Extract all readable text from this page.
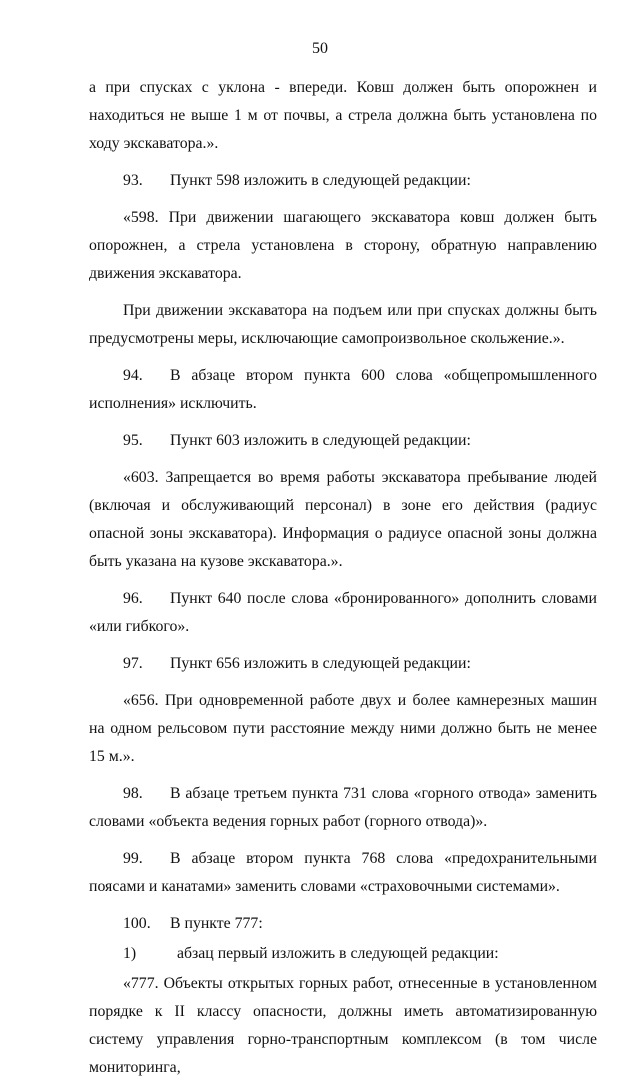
50

а при спусках с уклона - впереди. Ковш должен быть опорожнен и находиться не выше 1 м от почвы, а стрела должна быть установлена по ходу экскаватора.».

93. Пункт 598 изложить в следующей редакции:

«598. При движении шагающего экскаватора ковш должен быть опорожнен, а стрела установлена в сторону, обратную направлению движения экскаватора.

При движении экскаватора на подъем или при спусках должны быть предусмотрены меры, исключающие самопроизвольное скольжение.».

94. В абзаце втором пункта 600 слова «общепромышленного исполнения» исключить.

95. Пункт 603 изложить в следующей редакции:

«603. Запрещается во время работы экскаватора пребывание людей (включая и обслуживающий персонал) в зоне его действия (радиус опасной зоны экскаватора). Информация о радиусе опасной зоны должна быть указана на кузове экскаватора.».

96. Пункт 640 после слова «бронированного» дополнить словами «или гибкого».

97. Пункт 656 изложить в следующей редакции:

«656. При одновременной работе двух и более камнерезных машин на одном рельсовом пути расстояние между ними должно быть не менее 15 м.».

98. В абзаце третьем пункта 731 слова «горного отвода» заменить словами «объекта ведения горных работ (горного отвода)».

99. В абзаце втором пункта 768 слова «предохранительными поясами и канатами» заменить словами «страховочными системами».

100. В пункте 777:

1)	абзац первый изложить в следующей редакции:

«777. Объекты открытых горных работ, отнесенные в установленном порядке к II классу опасности, должны иметь автоматизированную систему управления горно-транспортным комплексом (в том числе мониторинга,
